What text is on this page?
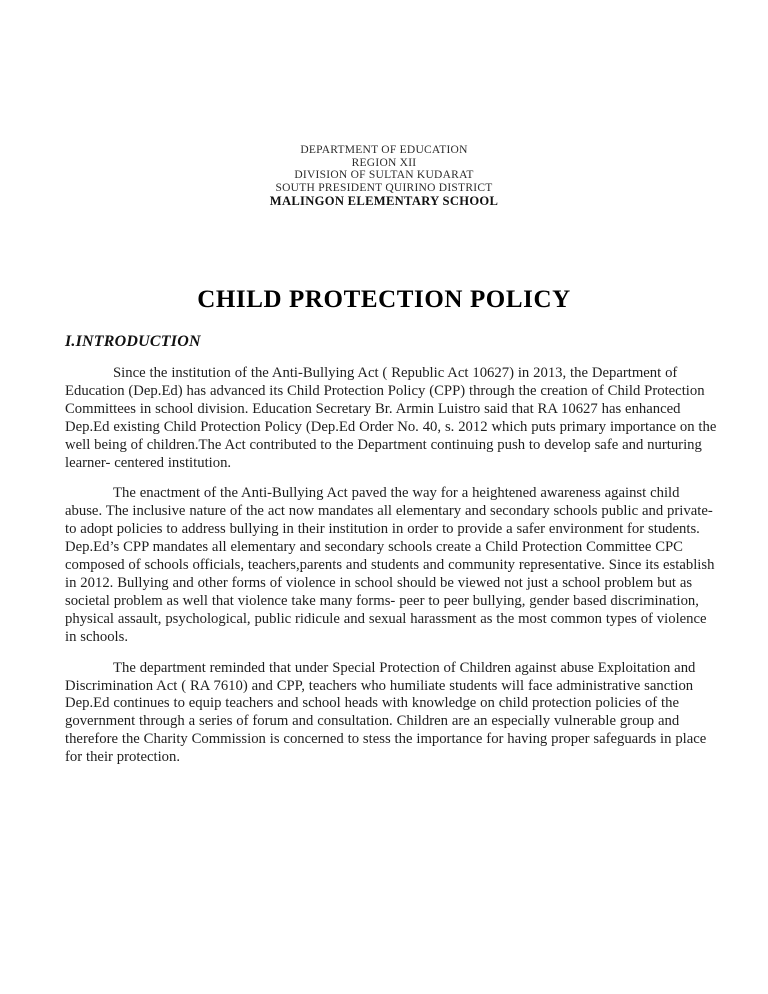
DEPARTMENT OF EDUCATION
REGION XII
DIVISION OF SULTAN KUDARAT
SOUTH PRESIDENT QUIRINO DISTRICT
MALINGON ELEMENTARY SCHOOL
CHILD PROTECTION POLICY
I.INTRODUCTION

Since the institution of the Anti-Bullying Act ( Republic Act 10627) in 2013, the Department of Education (Dep.Ed) has advanced its Child Protection Policy (CPP) through the creation of Child Protection Committees in school division. Education Secretary Br. Armin Luistro said that RA 10627 has enhanced Dep.Ed existing Child Protection Policy (Dep.Ed Order No. 40, s. 2012 which puts primary importance on the well being of children.The Act contributed to the Department continuing push to develop safe and nurturing learner- centered institution.

The enactment of the Anti-Bullying Act paved the way for a heightened awareness against child abuse. The inclusive nature of the act now mandates all elementary and secondary schools public and private- to adopt policies to address bullying in their institution in order to provide a safer environment for students. Dep.Ed’s CPP mandates all elementary and secondary schools create a Child Protection Committee CPC composed of schools officials, teachers,parents and students and community representative. Since its establish in 2012. Bullying and other forms of violence in school should be viewed not just a school problem but as societal problem as well that violence take many forms- peer to peer bullying, gender based discrimination, physical assault, psychological, public ridicule and sexual harassment as the most common types of violence in schools.

The department reminded that under Special Protection of Children against abuse Exploitation and Discrimination Act ( RA 7610) and CPP, teachers who humiliate students will face administrative sanction Dep.Ed continues to equip teachers and school heads with knowledge on child protection policies of the government through a series of forum and consultation. Children are an especially vulnerable group and therefore the Charity Commission is concerned to stess the importance for having proper safeguards in place for their protection.
